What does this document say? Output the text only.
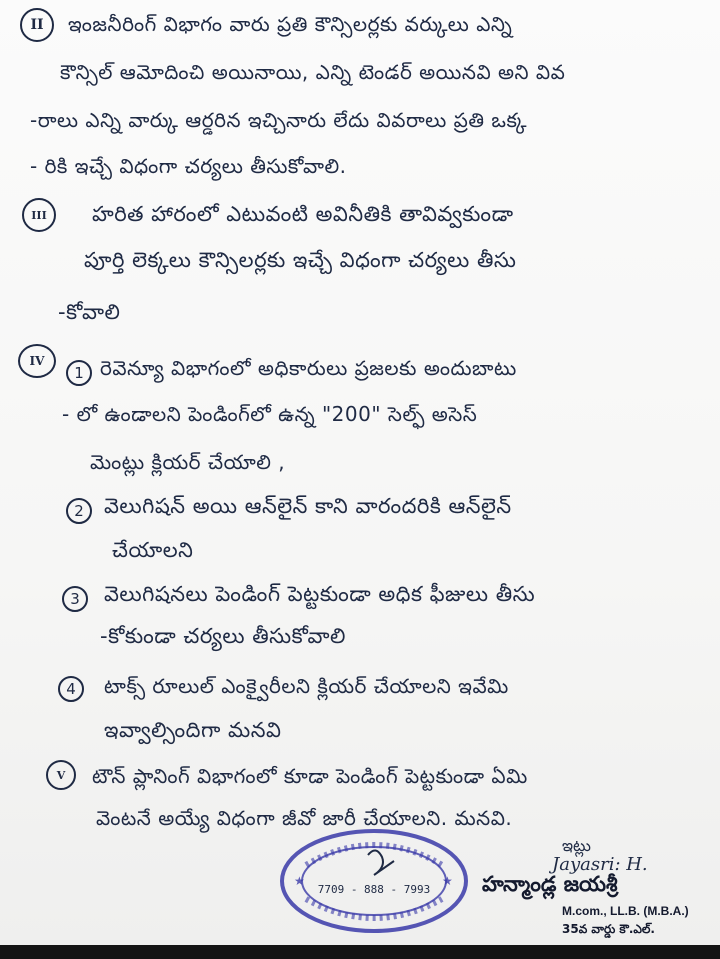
II ఇంజనీరింగ్ విభాగం వారు ప్రతి కౌన్సిలర్లకు వర్కులు ఎన్ని
కౌన్సిల్ ఆమోదించి అయినాయి, ఎన్ని టెండర్ అయినవి అని వివ
-రాలు ఎన్ని వార్కు ఆర్డరిన ఇచ్చినారు లేదు వివరాలు ప్రతి ఒక్క
- రికి ఇచ్చే విధంగా చర్యలు తీసుకోవాలి.
III హరిత హారంలో ఎటువంటి అవినీతికి తావివ్వకుండా
పూర్తి లెక్కలు కౌన్సిలర్లకు ఇచ్చే విధంగా చర్యలు తీసు
-కోవాలి
IV
1 రెవెన్యూ విభాగంలో అధికారులు ప్రజలకు అందుబాటు
- లో ఉండాలని పెండింగ్‌లో ఉన్న "200" సెల్ఫ్ అసెస్
మెంట్లు క్లియర్ చేయాలి ,
2 వెలుగిషన్ అయి ఆన్‌లైన్ కాని వారందరికి ఆన్‌లైన్
చేయాలని
3 వెలుగిషనలు పెండింగ్ పెట్టకుండా అధిక ఫీజులు తీసు
-కోకుండా చర్యలు తీసుకోవాలి
4 టాక్స్ రూలుల్ ఎంక్వైరీలని క్లియర్ చేయాలని ఇవేమి
ఇవ్వాల్సిందిగా మనవి
V టౌన్ ప్లానింగ్ విభాగంలో కూడా పెండింగ్ పెట్టకుండా ఏమి
వెంటనే అయ్యే విధంగా జీవో జారీ చేయాలని. మనవి.
★	★
7709 - 888 - 7993
ఇట్లు
Jayasri: H.
హన్మాండ్ల జయశ్రీ
M.com., LL.B. (M.B.A.)
35వ వార్డు కౌ.ఎల్.
